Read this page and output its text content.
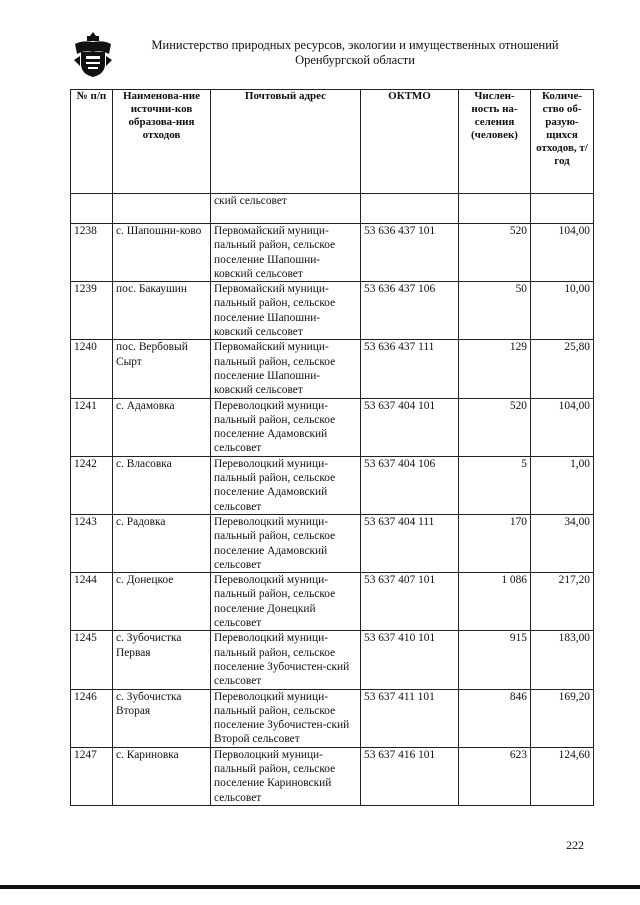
Министерство природных ресурсов, экологии и имущественных отношений
Оренбургской области
№ п/п	Наименова-ние источни-ков образова-ния отходов	Почтовый адрес	ОКТМО	Числен-ность на-селения (человек)	Количе-ство об-разую-щихся отходов, т/год
		ский сельсовет			
1238	с. Шапошни-ково	Первомайский муници-пальный район, сельское поселение Шапошни-ковский сельсовет	53 636 437 101	520	104,00
1239	пос. Бакаушин	Первомайский муници-пальный район, сельское поселение Шапошни-ковский сельсовет	53 636 437 106	50	10,00
1240	пос. Вербовый Сырт	Первомайский муници-пальный район, сельское поселение Шапошни-ковский сельсовет	53 636 437 111	129	25,80
1241	с. Адамовка	Переволоцкий муници-пальный район, сельское поселение Адамовский сельсовет	53 637 404 101	520	104,00
1242	с. Власовка	Переволоцкий муници-пальный район, сельское поселение Адамовский сельсовет	53 637 404 106	5	1,00
1243	с. Радовка	Переволоцкий муници-пальный район, сельское поселение Адамовский сельсовет	53 637 404 111	170	34,00
1244	с. Донецкое	Переволоцкий муници-пальный район, сельское поселение Донецкий сельсовет	53 637 407 101	1 086	217,20
1245	с. Зубочистка Первая	Переволоцкий муници-пальный район, сельское поселение Зубочистен-ский сельсовет	53 637 410 101	915	183,00
1246	с. Зубочистка Вторая	Переволоцкий муници-пальный район, сельское поселение Зубочистен-ский Второй сельсовет	53 637 411 101	846	169,20
1247	с. Кариновка	Перволоцкий муници-пальный район, сельское поселение Кариновский сельсовет	53 637 416 101	623	124,60
222
